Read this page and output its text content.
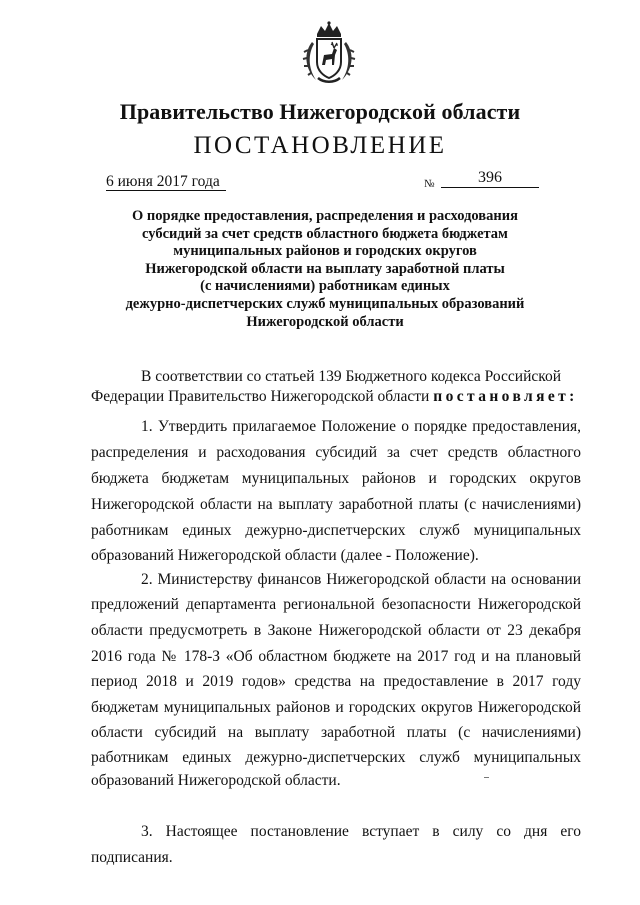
Правительство Нижегородской области
ПОСТАНОВЛЕНИЕ
6 июня 2017 года	№	396
О порядке предоставления, распределения и расходования
субсидий за счет средств областного бюджета бюджетам
муниципальных районов и городских округов
Нижегородской области на выплату заработной платы
(с начислениями) работникам единых
дежурно-диспетчерских служб муниципальных образований
Нижегородской области
В соответствии со статьей 139 Бюджетного кодекса Российской
Федерации Правительство Нижегородской области постановляет:
1. Утвердить прилагаемое Положение о порядке предоставления,
распределения и расходования субсидий за счет средств областного
бюджета бюджетам муниципальных районов и городских округов
Нижегородской области на выплату заработной платы (с начислениями)
работникам единых дежурно-диспетчерских служб муниципальных
образований Нижегородской области (далее - Положение).
2. Министерству финансов Нижегородской области на основании
предложений департамента региональной безопасности Нижегородской
области предусмотреть в Законе Нижегородской области от 23 декабря
2016 года № 178-З «Об областном бюджете на 2017 год и на плановый
период 2018 и 2019 годов» средства на предоставление в 2017 году
бюджетам муниципальных районов и городских округов Нижегородской
области субсидий на выплату заработной платы (с начислениями)
работникам единых дежурно-диспетчерских служб муниципальных
образований Нижегородской области.
3. Настоящее постановление вступает в силу со дня его
подписания.
